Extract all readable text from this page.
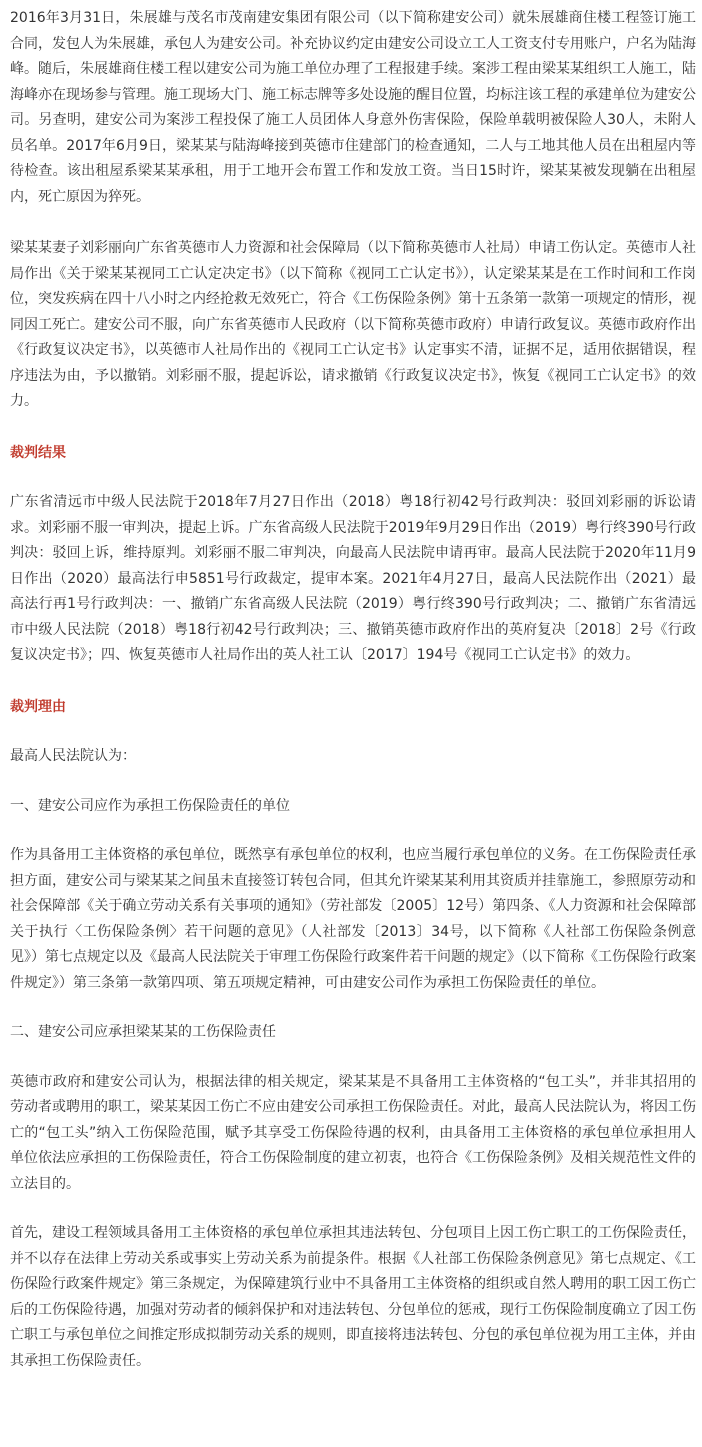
2016年3月31日，朱展雄与茂名市茂南建安集团有限公司（以下简称建安公司）就朱展雄商住楼工程签订施工合同，发包人为朱展雄，承包人为建安公司。补充协议约定由建安公司设立工人工资支付专用账户，户名为陆海峰。随后，朱展雄商住楼工程以建安公司为施工单位办理了工程报建手续。案涉工程由梁某某组织工人施工，陆海峰亦在现场参与管理。施工现场大门、施工标志牌等多处设施的醒目位置，均标注该工程的承建单位为建安公司。另查明，建安公司为案涉工程投保了施工人员团体人身意外伤害保险，保险单载明被保险人30人，未附人员名单。2017年6月9日，梁某某与陆海峰接到英德市住建部门的检查通知，二人与工地其他人员在出租屋内等待检查。该出租屋系梁某某承租，用于工地开会布置工作和发放工资。当日15时许，梁某某被发现躺在出租屋内，死亡原因为猝死。

梁某某妻子刘彩丽向广东省英德市人力资源和社会保障局（以下简称英德市人社局）申请工伤认定。英德市人社局作出《关于梁某某视同工亡认定决定书》（以下简称《视同工亡认定书》），认定梁某某是在工作时间和工作岗位，突发疾病在四十八小时之内经抢救无效死亡，符合《工伤保险条例》第十五条第一款第一项规定的情形，视同因工死亡。建安公司不服，向广东省英德市人民政府（以下简称英德市政府）申请行政复议。英德市政府作出《行政复议决定书》，以英德市人社局作出的《视同工亡认定书》认定事实不清，证据不足，适用依据错误，程序违法为由，予以撤销。刘彩丽不服，提起诉讼，请求撤销《行政复议决定书》，恢复《视同工亡认定书》的效力。

裁判结果

广东省清远市中级人民法院于2018年7月27日作出（2018）粤18行初42号行政判决：驳回刘彩丽的诉讼请求。刘彩丽不服一审判决，提起上诉。广东省高级人民法院于2019年9月29日作出（2019）粤行终390号行政判决：驳回上诉，维持原判。刘彩丽不服二审判决，向最高人民法院申请再审。最高人民法院于2020年11月9日作出（2020）最高法行申5851号行政裁定，提审本案。2021年4月27日，最高人民法院作出（2021）最高法行再1号行政判决：一、撤销广东省高级人民法院（2019）粤行终390号行政判决；二、撤销广东省清远市中级人民法院（2018）粤18行初42号行政判决；三、撤销英德市政府作出的英府复决〔2018〕2号《行政复议决定书》；四、恢复英德市人社局作出的英人社工认〔2017〕194号《视同工亡认定书》的效力。

裁判理由

最高人民法院认为：

一、建安公司应作为承担工伤保险责任的单位

作为具备用工主体资格的承包单位，既然享有承包单位的权利，也应当履行承包单位的义务。在工伤保险责任承担方面，建安公司与梁某某之间虽未直接签订转包合同，但其允许梁某某利用其资质并挂靠施工，参照原劳动和社会保障部《关于确立劳动关系有关事项的通知》（劳社部发〔2005〕12号）第四条、《人力资源和社会保障部关于执行〈工伤保险条例〉若干问题的意见》（人社部发〔2013〕34号，以下简称《人社部工伤保险条例意见》）第七点规定以及《最高人民法院关于审理工伤保险行政案件若干问题的规定》（以下简称《工伤保险行政案件规定》）第三条第一款第四项、第五项规定精神，可由建安公司作为承担工伤保险责任的单位。

二、建安公司应承担梁某某的工伤保险责任

英德市政府和建安公司认为，根据法律的相关规定，梁某某是不具备用工主体资格的“包工头”，并非其招用的劳动者或聘用的职工，梁某某因工伤亡不应由建安公司承担工伤保险责任。对此，最高人民法院认为，将因工伤亡的“包工头”纳入工伤保险范围，赋予其享受工伤保险待遇的权利，由具备用工主体资格的承包单位承担用人单位依法应承担的工伤保险责任，符合工伤保险制度的建立初衷，也符合《工伤保险条例》及相关规范性文件的立法目的。

首先，建设工程领域具备用工主体资格的承包单位承担其违法转包、分包项目上因工伤亡职工的工伤保险责任，并不以存在法律上劳动关系或事实上劳动关系为前提条件。根据《人社部工伤保险条例意见》第七点规定、《工伤保险行政案件规定》第三条规定，为保障建筑行业中不具备用工主体资格的组织或自然人聘用的职工因工伤亡后的工伤保险待遇，加强对劳动者的倾斜保护和对违法转包、分包单位的惩戒，现行工伤保险制度确立了因工伤亡职工与承包单位之间推定形成拟制劳动关系的规则，即直接将违法转包、分包的承包单位视为用工主体，并由其承担工伤保险责任。
